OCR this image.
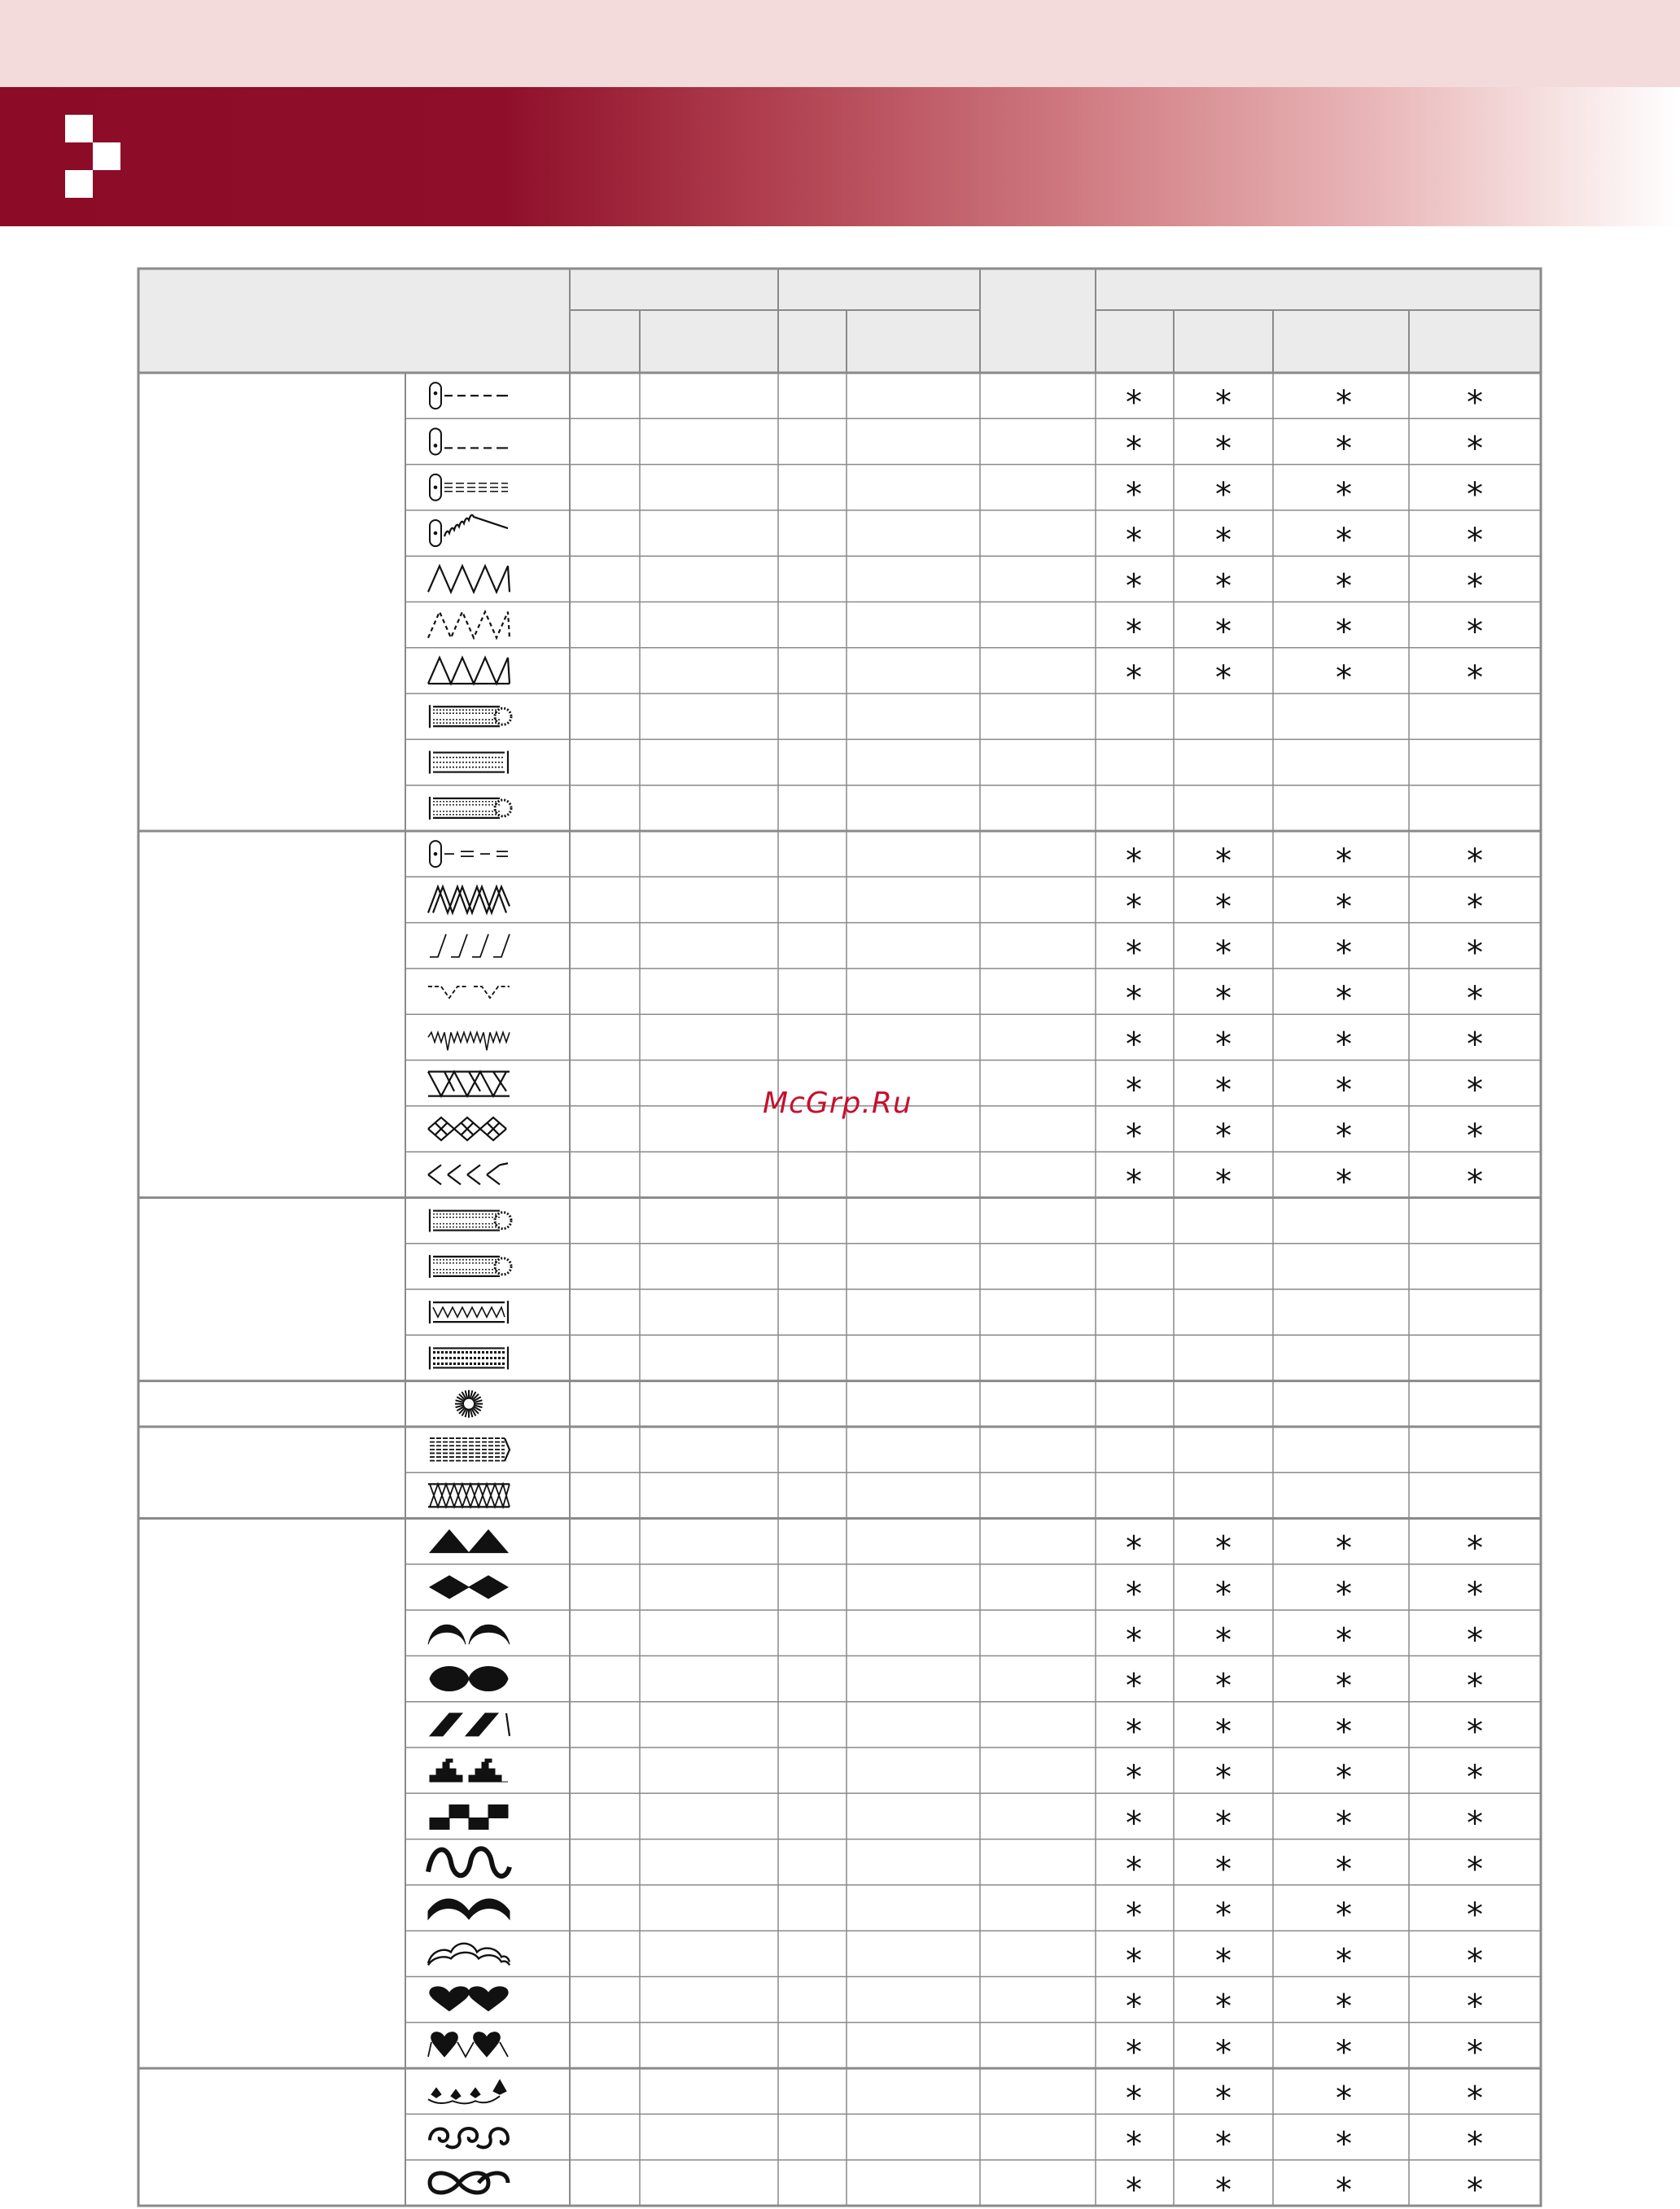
* *	*	*
* *	*	*
* *	*	*
* *	*	*
* *	*	*
* *	*	*
* *	*	*
* *	*	*
* *	*	*
* *	*	*
* *	*	*
* *	*	*
* *	*	*
* *	*	*
* *	*	*
* *	*	*
* *	*	*
* *	*	*
* *	*	*
* *	*	*
* *	*	*
* *	*	*
* *	*	*
* *	*	*
* *	*	*
* *	*	*
* *	*	*
* *	*	*
* *	*	*
* *	*	*
McGrp.Ru
